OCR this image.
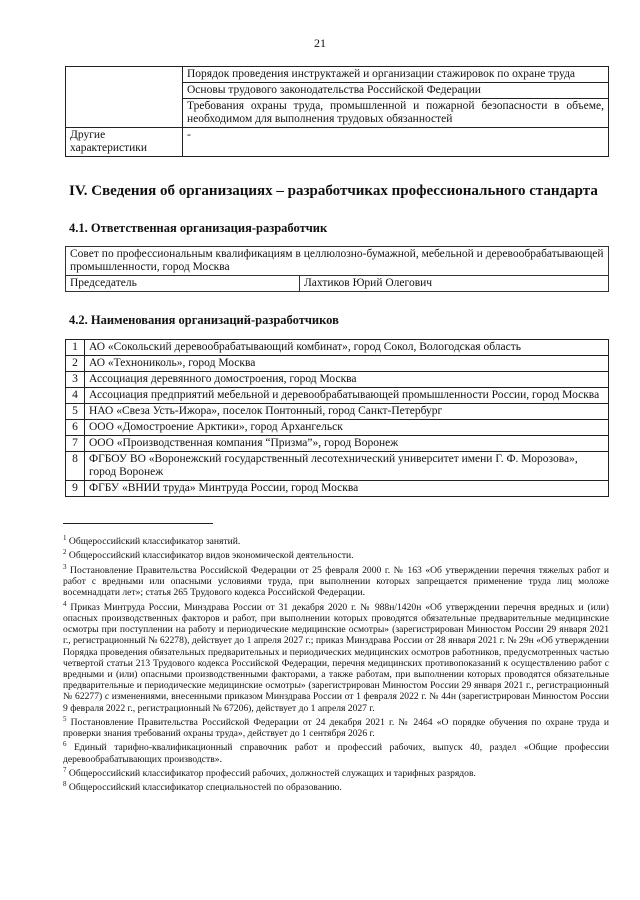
21
	Порядок проведения инструктажей и организации стажировок по охране труда
	Основы трудового законодательства Российской Федерации
	Требования охраны труда, промышленной и пожарной безопасности в объеме, необходимом для выполнения трудовых обязанностей
Другие характеристики	-
IV. Сведения об организациях – разработчиках профессионального стандарта
4.1. Ответственная организация-разработчик
Совет по профессиональным квалификациям в целлюлозно-бумажной, мебельной и деревообрабатывающей промышленности, город Москва
Председатель	Лахтиков Юрий Олегович
4.2. Наименования организаций-разработчиков
1	АО «Сокольский деревообрабатывающий комбинат», город Сокол, Вологодская область
2	АО «Технониколь», город Москва
3	Ассоциация деревянного домостроения, город Москва
4	Ассоциация предприятий мебельной и деревообрабатывающей промышленности России, город Москва
5	НАО «Свеза Усть-Ижора», поселок Понтонный, город Санкт-Петербург
6	ООО «Домостроение Арктики», город Архангельск
7	ООО «Производственная компания “Призма”», город Воронеж
8	ФГБОУ ВО «Воронежский государственный лесотехнический университет имени Г. Ф. Морозова», город Воронеж
9	ФГБУ «ВНИИ труда» Минтруда России, город Москва

$^1$ Общероссийский классификатор занятий.

$^2$ Общероссийский классификатор видов экономической деятельности.

$^3$ Постановление Правительства Российской Федерации от 25 февраля 2000 г. № 163 «Об утверждении перечня тяжелых работ и работ с вредными или опасными условиями труда, при выполнении которых запрещается применение труда лиц моложе восемнадцати лет»; статья 265 Трудового кодекса Российской Федерации.

$^4$ Приказ Минтруда России, Минздрава России от 31 декабря 2020 г. № 988н/1420н «Об утверждении перечня вредных и (или) опасных производственных факторов и работ, при выполнении которых проводятся обязательные предварительные медицинские осмотры при поступлении на работу и периодические медицинские осмотры» (зарегистрирован Минюстом России 29 января 2021 г., регистрационный № 62278), действует до 1 апреля 2027 г.; приказ Минздрава России от 28 января 2021 г. № 29н «Об утверждении Порядка проведения обязательных предварительных и периодических медицинских осмотров работников, предусмотренных частью четвертой статьи 213 Трудового кодекса Российской Федерации, перечня медицинских противопоказаний к осуществлению работ с вредными и (или) опасными производственными факторами, а также работам, при выполнении которых проводятся обязательные предварительные и периодические медицинские осмотры» (зарегистрирован Минюстом России 29 января 2021 г., регистрационный № 62277) с изменениями, внесенными приказом Минздрава России от 1 февраля 2022 г. № 44н (зарегистрирован Минюстом России 9 февраля 2022 г., регистрационный № 67206), действует до 1 апреля 2027 г.

$^5$ Постановление Правительства Российской Федерации от 24 декабря 2021 г. № 2464 «О порядке обучения по охране труда и проверки знания требований охраны труда», действует до 1 сентября 2026 г.

$^6$ Единый тарифно-квалификационный справочник работ и профессий рабочих, выпуск 40, раздел «Общие профессии деревообрабатывающих производств».

$^7$ Общероссийский классификатор профессий рабочих, должностей служащих и тарифных разрядов.

$^8$ Общероссийский классификатор специальностей по образованию.
